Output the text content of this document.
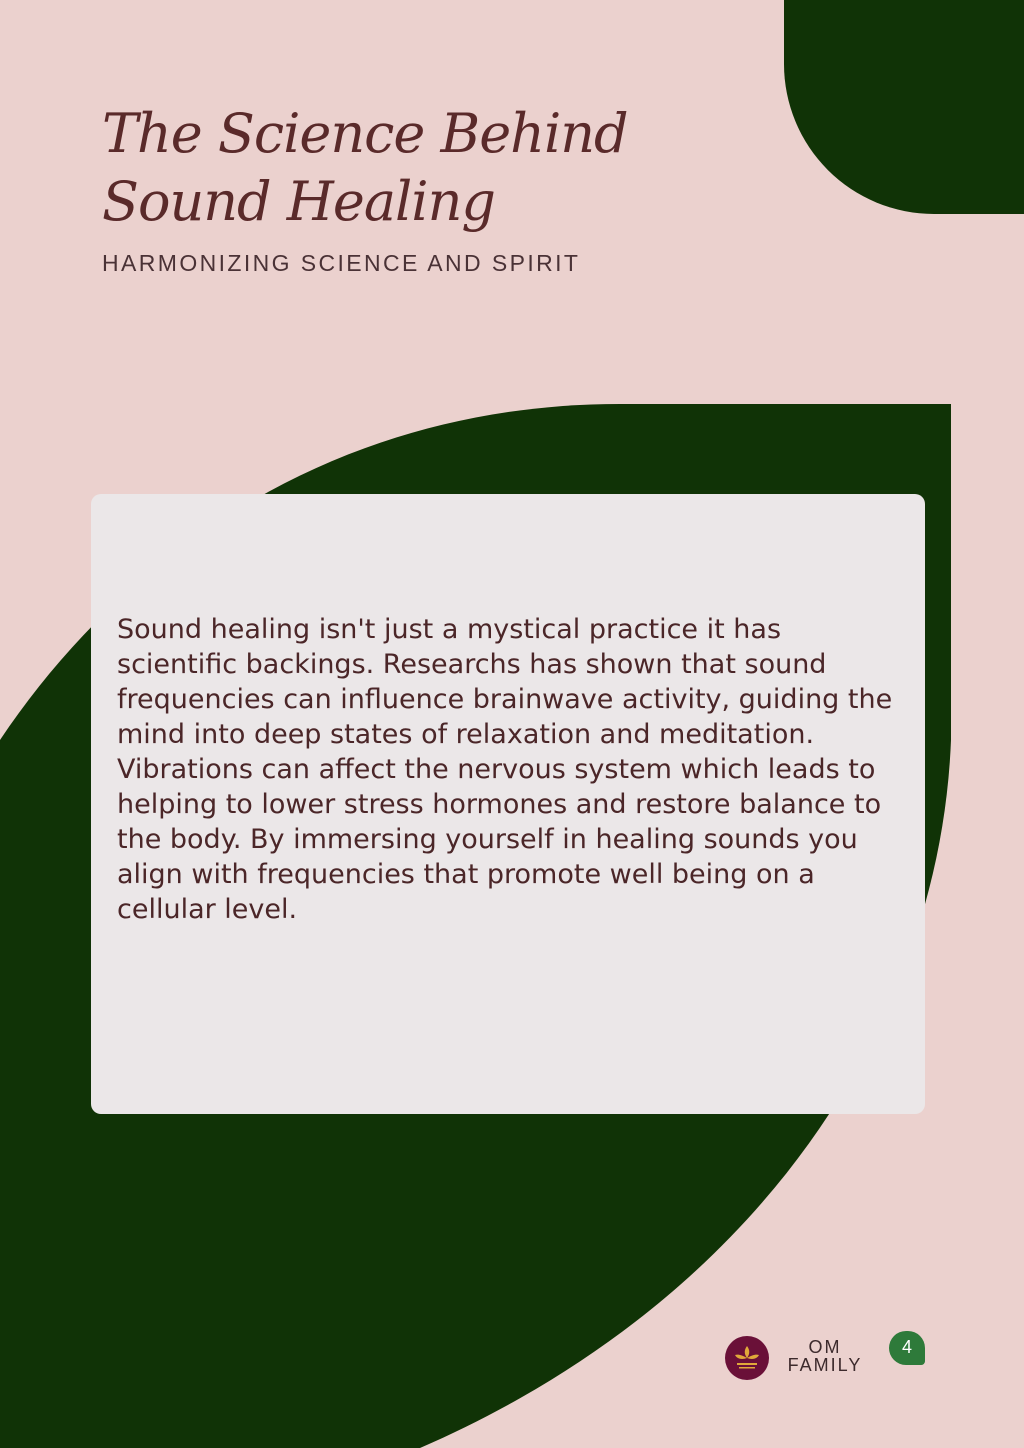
The Science Behind
Sound Healing
HARMONIZING SCIENCE AND SPIRIT
Sound healing isn't just a mystical practice it has scientific backings. Researchs has shown that sound frequencies can influence brainwave activity, guiding the mind into deep states of relaxation and meditation. Vibrations can affect the nervous system which leads to helping to lower stress hormones and restore balance to the body. By immersing yourself in healing sounds you align with frequencies that promote well being on a cellular level.
OM
FAMILY
4
